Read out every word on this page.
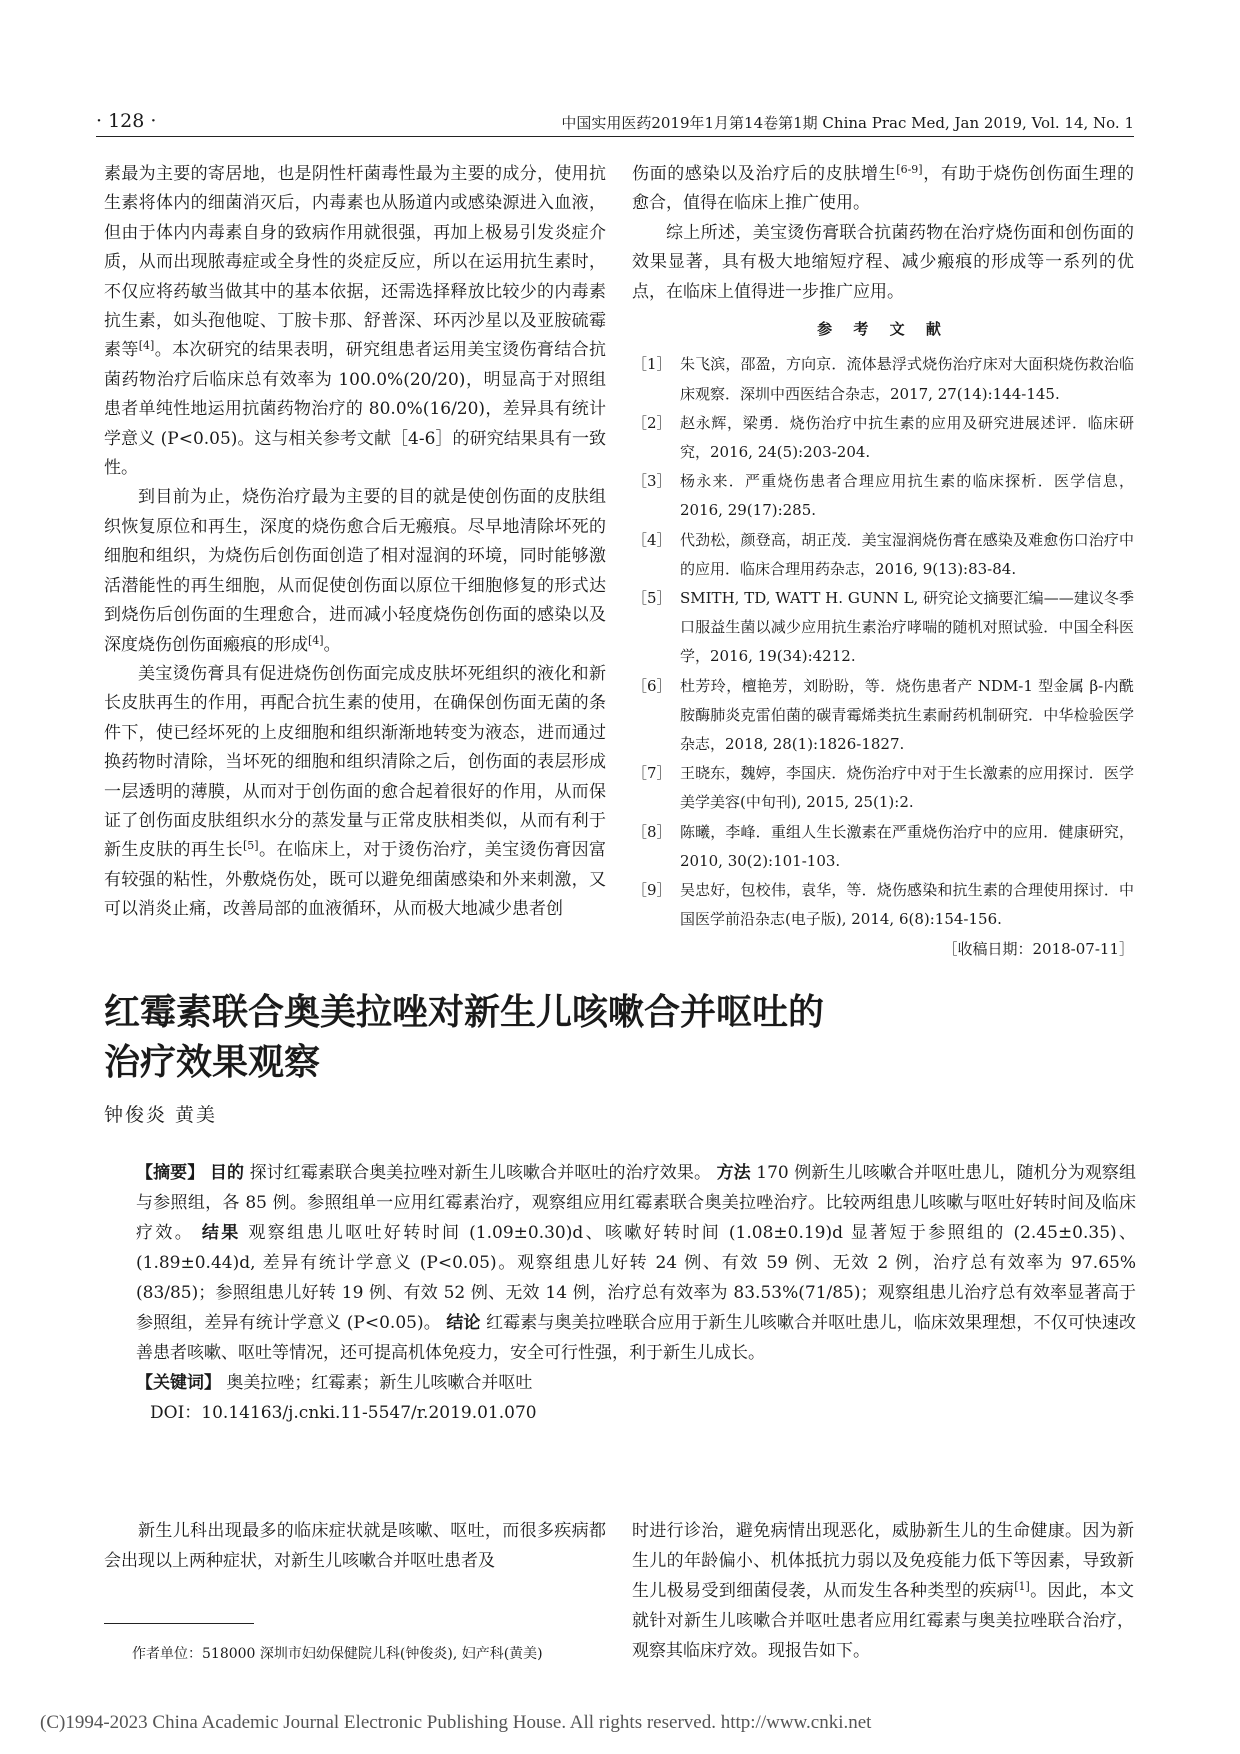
· 128 ·	中国实用医药2019年1月第14卷第1期 China Prac Med, Jan 2019, Vol. 14, No. 1

素最为主要的寄居地，也是阴性杆菌毒性最为主要的成分，使用抗生素将体内的细菌消灭后，内毒素也从肠道内或感染源进入血液，但由于体内内毒素自身的致病作用就很强，再加上极易引发炎症介质，从而出现脓毒症或全身性的炎症反应，所以在运用抗生素时，不仅应将药敏当做其中的基本依据，还需选择释放比较少的内毒素抗生素，如头孢他啶、丁胺卡那、舒普深、环丙沙星以及亚胺硫霉素等[4]。本次研究的结果表明，研究组患者运用美宝烫伤膏结合抗菌药物治疗后临床总有效率为 100.0%(20/20)，明显高于对照组患者单纯性地运用抗菌药物治疗的 80.0%(16/20)，差异具有统计学意义 (P<0.05)。这与相关参考文献［4-6］的研究结果具有一致性。

到目前为止，烧伤治疗最为主要的目的就是使创伤面的皮肤组织恢复原位和再生，深度的烧伤愈合后无瘢痕。尽早地清除坏死的细胞和组织，为烧伤后创伤面创造了相对湿润的环境，同时能够激活潜能性的再生细胞，从而促使创伤面以原位干细胞修复的形式达到烧伤后创伤面的生理愈合，进而减小轻度烧伤创伤面的感染以及深度烧伤创伤面瘢痕的形成[4]。

美宝烫伤膏具有促进烧伤创伤面完成皮肤坏死组织的液化和新长皮肤再生的作用，再配合抗生素的使用，在确保创伤面无菌的条件下，使已经坏死的上皮细胞和组织渐渐地转变为液态，进而通过换药物时清除，当坏死的细胞和组织清除之后，创伤面的表层形成一层透明的薄膜，从而对于创伤面的愈合起着很好的作用，从而保证了创伤面皮肤组织水分的蒸发量与正常皮肤相类似，从而有利于新生皮肤的再生长[5]。在临床上，对于烫伤治疗，美宝烫伤膏因富有较强的粘性，外敷烧伤处，既可以避免细菌感染和外来刺激，又可以消炎止痛，改善局部的血液循环，从而极大地减少患者创

伤面的感染以及治疗后的皮肤增生[6-9]，有助于烧伤创伤面生理的愈合，值得在临床上推广使用。

综上所述，美宝烫伤膏联合抗菌药物在治疗烧伤面和创伤面的效果显著，具有极大地缩短疗程、减少瘢痕的形成等一系列的优点，在临床上值得进一步推广应用。

参 考 文 献
［1］ 朱飞滨，邵盈，方向京．流体悬浮式烧伤治疗床对大面积烧伤救治临床观察．深圳中西医结合杂志，2017, 27(14):144-145.
［2］ 赵永辉，梁勇．烧伤治疗中抗生素的应用及研究进展述评．临床研究，2016, 24(5):203-204.
［3］ 杨永来．严重烧伤患者合理应用抗生素的临床探析．医学信息，2016, 29(17):285.
［4］ 代劲松，颜登高，胡正茂．美宝湿润烧伤膏在感染及难愈伤口治疗中的应用．临床合理用药杂志，2016, 9(13):83-84.
［5］ SMITH, TD, WATT H. GUNN L, 研究论文摘要汇编——建议冬季口服益生菌以减少应用抗生素治疗哮喘的随机对照试验．中国全科医学，2016, 19(34):4212.
［6］ 杜芳玲，檀艳芳，刘盼盼，等．烧伤患者产 NDM-1 型金属 β-内酰胺酶肺炎克雷伯菌的碳青霉烯类抗生素耐药机制研究．中华检验医学杂志，2018, 28(1):1826-1827.
［7］ 王晓东，魏婷，李国庆．烧伤治疗中对于生长激素的应用探讨．医学美学美容(中旬刊), 2015, 25(1):2.
［8］ 陈曦，李峰．重组人生长激素在严重烧伤治疗中的应用．健康研究，2010, 30(2):101-103.
［9］ 吴忠好，包校伟，袁华，等．烧伤感染和抗生素的合理使用探讨．中国医学前沿杂志(电子版), 2014, 6(8):154-156.
［收稿日期：2018-07-11］
红霉素联合奥美拉唑对新生儿咳嗽合并呕吐的
治疗效果观察
钟俊炎 黄美

【摘要】 目的 探讨红霉素联合奥美拉唑对新生儿咳嗽合并呕吐的治疗效果。 方法 170 例新生儿咳嗽合并呕吐患儿，随机分为观察组与参照组，各 85 例。参照组单一应用红霉素治疗，观察组应用红霉素联合奥美拉唑治疗。比较两组患儿咳嗽与呕吐好转时间及临床疗效。 结果 观察组患儿呕吐好转时间 (1.09±0.30)d、咳嗽好转时间 (1.08±0.19)d 显著短于参照组的 (2.45±0.35)、(1.89±0.44)d, 差异有统计学意义 (P<0.05)。观察组患儿好转 24 例、有效 59 例、无效 2 例，治疗总有效率为 97.65%(83/85)；参照组患儿好转 19 例、有效 52 例、无效 14 例，治疗总有效率为 83.53%(71/85)；观察组患儿治疗总有效率显著高于参照组，差异有统计学意义 (P<0.05)。 结论 红霉素与奥美拉唑联合应用于新生儿咳嗽合并呕吐患儿，临床效果理想，不仅可快速改善患者咳嗽、呕吐等情况，还可提高机体免疫力，安全可行性强，利于新生儿成长。

【关键词】 奥美拉唑；红霉素；新生儿咳嗽合并呕吐

DOI：10.14163/j.cnki.11-5547/r.2019.01.070

新生儿科出现最多的临床症状就是咳嗽、呕吐，而很多疾病都会出现以上两种症状，对新生儿咳嗽合并呕吐患者及
时进行诊治，避免病情出现恶化，威胁新生儿的生命健康。因为新生儿的年龄偏小、机体抵抗力弱以及免疫能力低下等因素，导致新生儿极易受到细菌侵袭，从而发生各种类型的疾病[1]。因此，本文就针对新生儿咳嗽合并呕吐患者应用红霉素与奥美拉唑联合治疗，观察其临床疗效。现报告如下。
作者单位：518000 深圳市妇幼保健院儿科(钟俊炎), 妇产科(黄美)
(C)1994-2023 China Academic Journal Electronic Publishing House. All rights reserved. http://www.cnki.net
